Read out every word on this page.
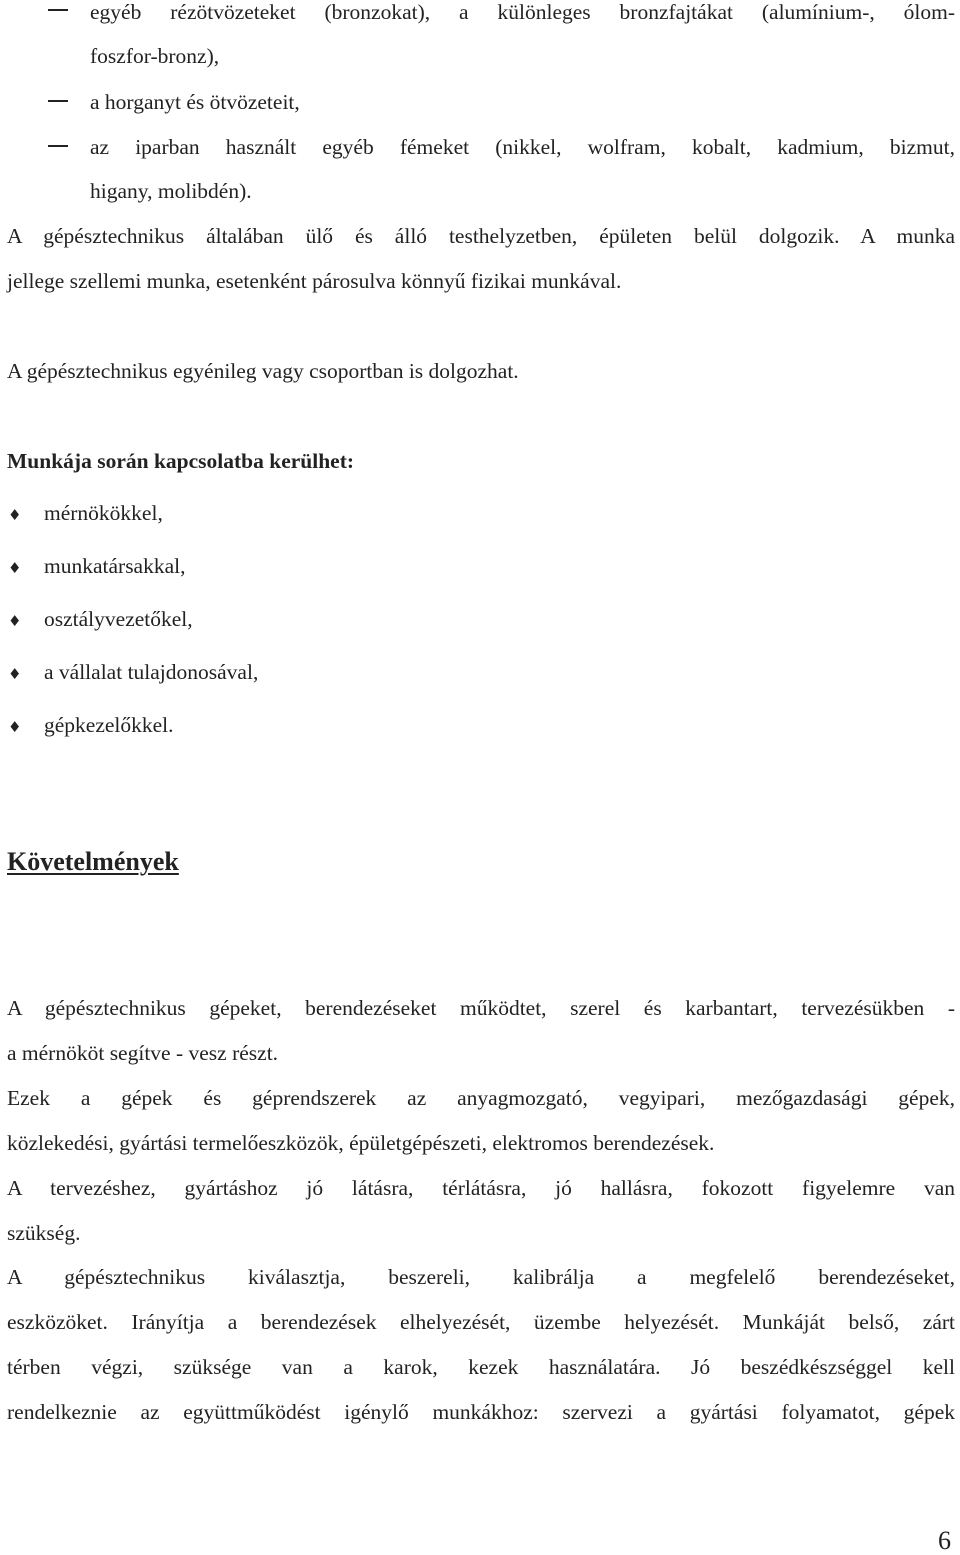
egyéb rézötvözeteket (bronzokat), a különleges bronzfajtákat (alumínium-, ólom-
foszfor-bronz),
a horganyt és ötvözeteit,
az iparban használt egyéb fémeket (nikkel, wolfram, kobalt, kadmium, bizmut,
higany, molibdén).
A gépésztechnikus általában ülő és álló testhelyzetben, épületen belül dolgozik. A munka
jellege szellemi munka, esetenként párosulva könnyű fizikai munkával.
A gépésztechnikus egyénileg vagy csoportban is dolgozhat.
Munkája során kapcsolatba kerülhet:
♦ mérnökökkel,
♦ munkatársakkal,
♦ osztályvezetőkel,
♦ a vállalat tulajdonosával,
♦ gépkezelőkkel.
Követelmények
A gépésztechnikus gépeket, berendezéseket működtet, szerel és karbantart, tervezésükben -
a mérnököt segítve - vesz részt.
Ezek a gépek és géprendszerek az anyagmozgató, vegyipari, mezőgazdasági gépek,
közlekedési, gyártási termelőeszközök, épületgépészeti, elektromos berendezések.
A tervezéshez, gyártáshoz jó látásra, térlátásra, jó hallásra, fokozott figyelemre van
szükség.
A gépésztechnikus kiválasztja, beszereli, kalibrálja a megfelelő berendezéseket,
eszközöket. Irányítja a berendezések elhelyezését, üzembe helyezését. Munkáját belső, zárt
térben végzi, szüksége van a karok, kezek használatára. Jó beszédkészséggel kell
rendelkeznie az együttműködést igénylő munkákhoz: szervezi a gyártási folyamatot, gépek
6
